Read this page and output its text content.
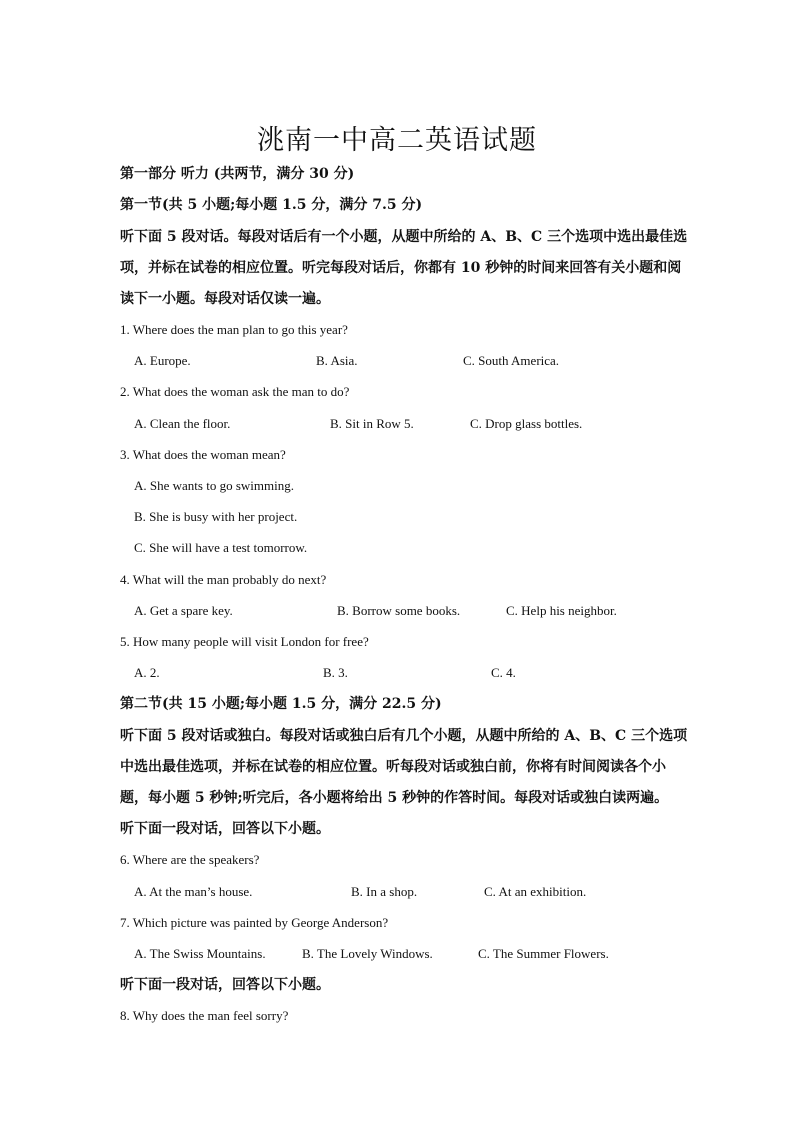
洮南一中高二英语试题

第一部分 听力 (共两节，满分 30 分)

第一节(共 5 小题;每小题 1.5 分，满分 7.5 分)

听下面 5 段对话。每段对话后有一个小题，从题中所给的 A、B、C 三个选项中选出最佳选

项，并标在试卷的相应位置。听完每段对话后，你都有 10 秒钟的时间来回答有关小题和阅

读下一小题。每段对话仅读一遍。

1. Where does the man plan to go this year?

A. Europe.	B. Asia.	C. South America.

2. What does the woman ask the man to do?

A. Clean the floor.	B. Sit in Row 5.	C. Drop glass bottles.

3. What does the woman mean?

A. She wants to go swimming.

B. She is busy with her project.

C. She will have a test tomorrow.

4. What will the man probably do next?

A. Get a spare key.	B. Borrow some books.	C. Help his neighbor.

5. How many people will visit London for free?

A. 2.	B. 3.	C. 4.

第二节(共 15 小题;每小题 1.5 分，满分 22.5 分)

听下面 5 段对话或独白。每段对话或独白后有几个小题，从题中所给的 A、B、C 三个选项

中选出最佳选项，并标在试卷的相应位置。听每段对话或独白前，你将有时间阅读各个小

题，每小题 5 秒钟;听完后，各小题将给出 5 秒钟的作答时间。每段对话或独白读两遍。

听下面一段对话，回答以下小题。

6. Where are the speakers?

A. At the man’s house.	B. In a shop.	C. At an exhibition.

7. Which picture was painted by George Anderson?

A. The Swiss Mountains.	B. The Lovely Windows.	C. The Summer Flowers.

听下面一段对话，回答以下小题。

8. Why does the man feel sorry?
